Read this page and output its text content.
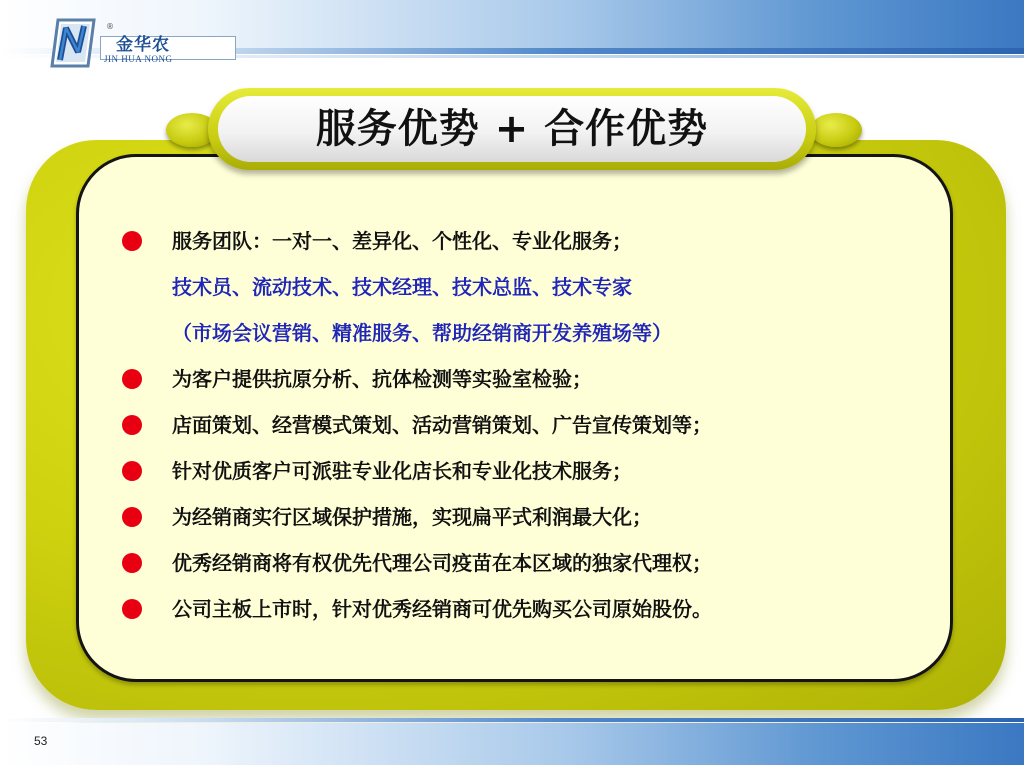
®
金华农
JIN HUA NONG
服务优势 + 合作优势
服务团队：一对一、差异化、个性化、专业化服务；
技术员、流动技术、技术经理、技术总监、技术专家
（市场会议营销、精准服务、帮助经销商开发养殖场等）
为客户提供抗原分析、抗体检测等实验室检验；
店面策划、经营模式策划、活动营销策划、广告宣传策划等；
针对优质客户可派驻专业化店长和专业化技术服务；
为经销商实行区域保护措施，实现扁平式利润最大化；
优秀经销商将有权优先代理公司疫苗在本区域的独家代理权；
公司主板上市时，针对优秀经销商可优先购买公司原始股份。
53
